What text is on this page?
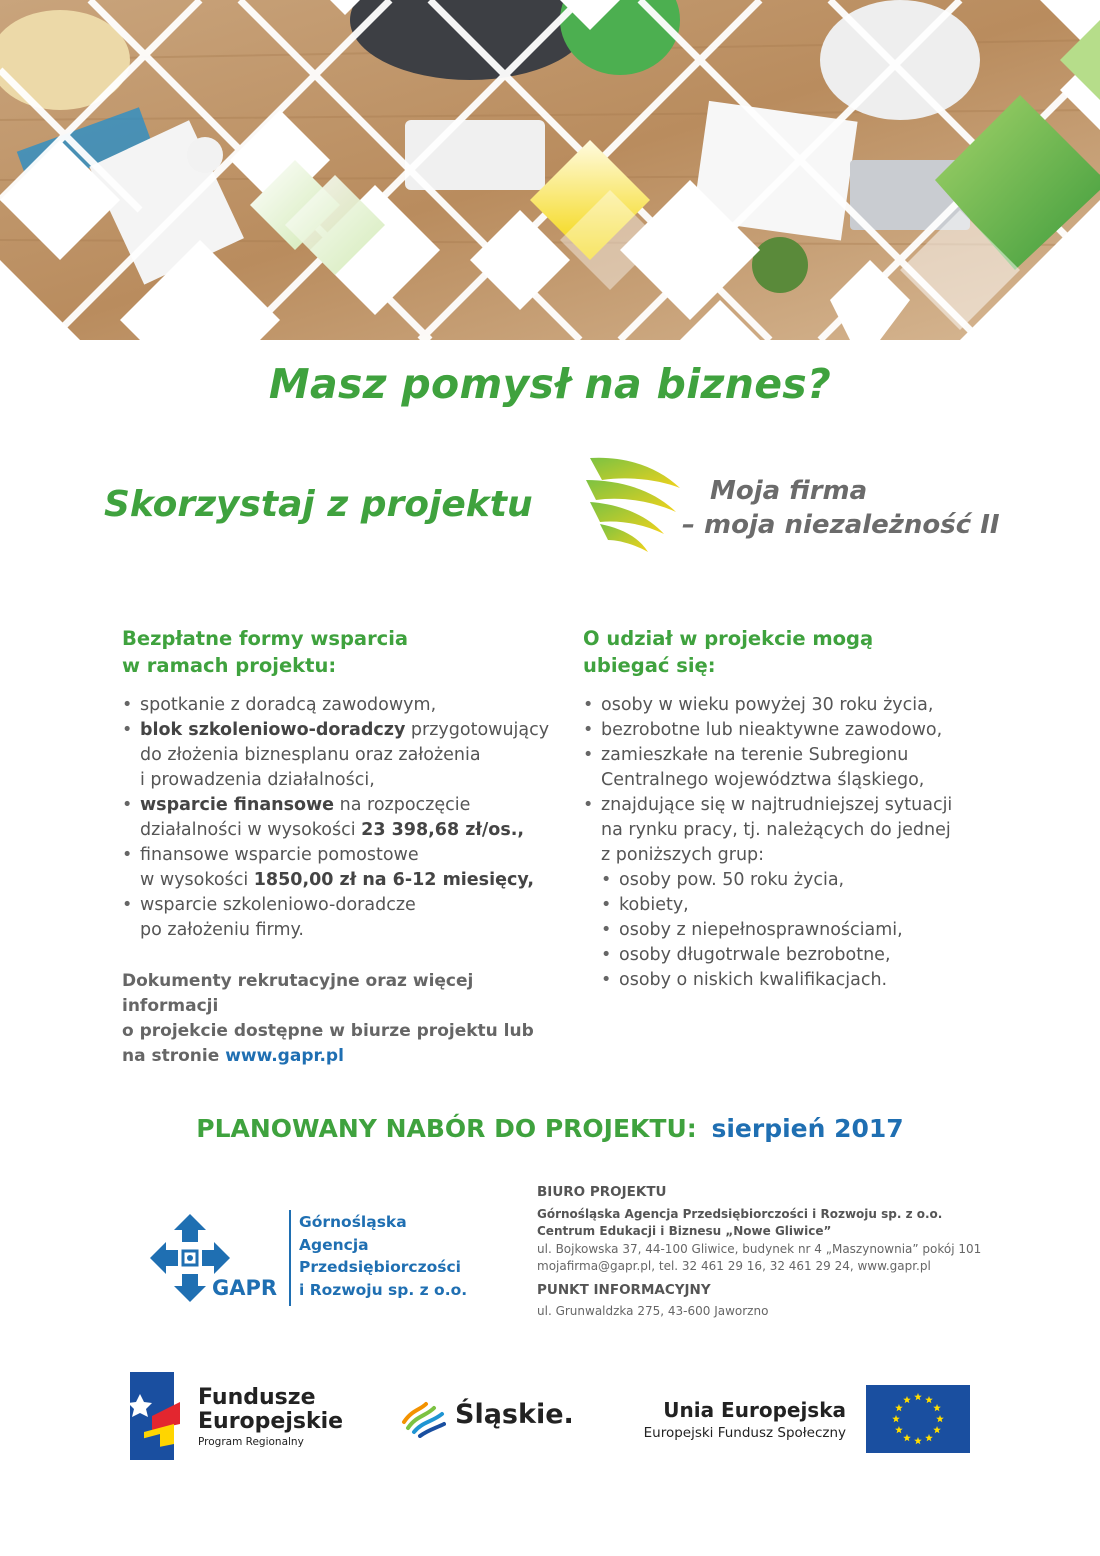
Masz pomysł na biznes?
Skorzystaj z projektu	Moja firma
– moja niezależność II
Bezpłatne formy wsparcia
w ramach projektu:
• spotkanie z doradcą zawodowym,
• blok szkoleniowo-doradczy przygotowujący
do złożenia biznesplanu oraz założenia
i prowadzenia działalności,
• wsparcie finansowe na rozpoczęcie
działalności w wysokości 23 398,68 zł/os.,
• finansowe wsparcie pomostowe
w wysokości 1850,00 zł na 6-12 miesięcy,
• wsparcie szkoleniowo-doradcze
po założeniu firmy.
Dokumenty rekrutacyjne oraz więcej informacji
o projekcie dostępne w biurze projektu lub
na stronie www.gapr.pl
O udział w projekcie mogą
ubiegać się:
• osoby w wieku powyżej 30 roku życia,
• bezrobotne lub nieaktywne zawodowo,
• zamieszkałe na terenie Subregionu
Centralnego województwa śląskiego,
• znajdujące się w najtrudniejszej sytuacji
na rynku pracy, tj. należących do jednej
z poniższych grup:
• osoby pow. 50 roku życia,
• kobiety,
• osoby z niepełnosprawnościami,
• osoby długotrwale bezrobotne,
• osoby o niskich kwalifikacjach.
PLANOWANY NABÓR DO PROJEKTU: sierpień 2017
GAPR
Górnośląska
Agencja
Przedsiębiorczości
i Rozwoju sp. z o.o.
BIURO PROJEKTU
Górnośląska Agencja Przedsiębiorczości i Rozwoju sp. z o.o.
Centrum Edukacji i Biznesu „Nowe Gliwice”
ul. Bojkowska 37, 44-100 Gliwice, budynek nr 4 „Maszynownia” pokój 101
mojafirma@gapr.pl, tel. 32 461 29 16, 32 461 29 24, www.gapr.pl
PUNKT INFORMACYJNY
ul. Grunwaldzka 275, 43-600 Jaworzno
Fundusze
Europejskie
Program Regionalny
Śląskie.	Unia Europejska
Europejski Fundusz Społeczny
